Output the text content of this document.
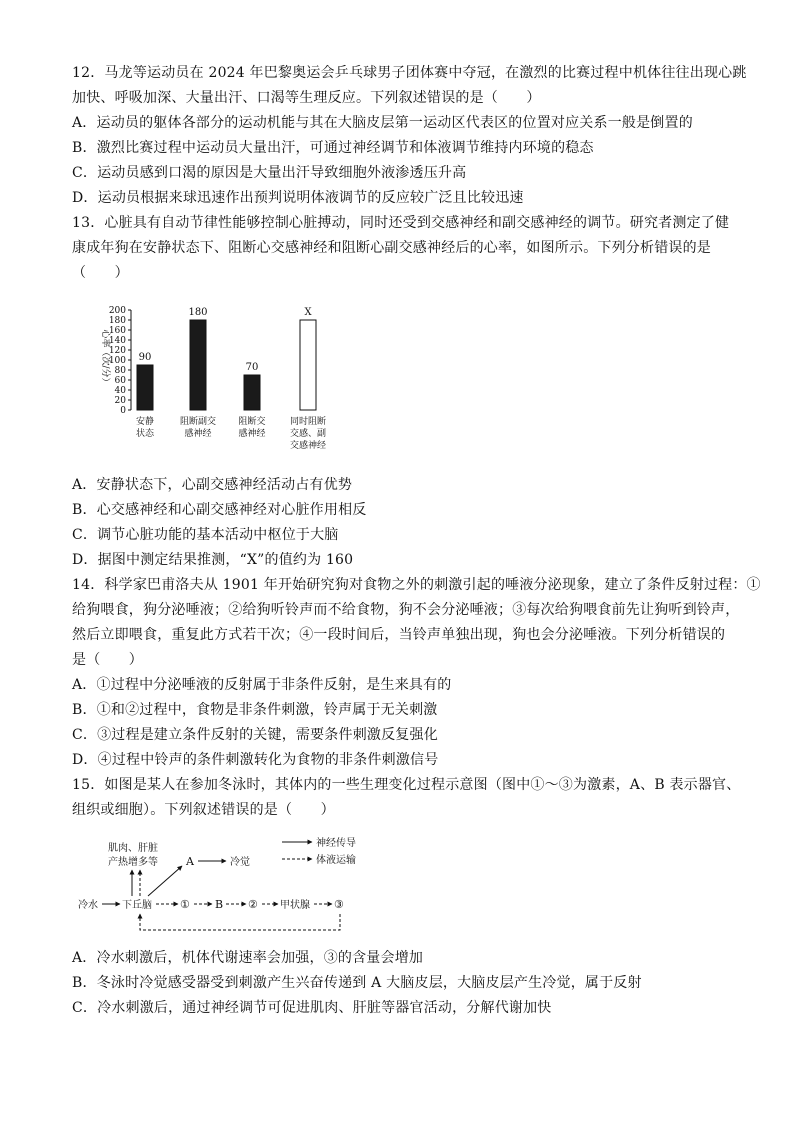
12．马龙等运动员在 2024 年巴黎奥运会乒乓球男子团体赛中夺冠，在激烈的比赛过程中机体往往出现心跳
加快、呼吸加深、大量出汗、口渴等生理反应。下列叙述错误的是（　　）
A．运动员的躯体各部分的运动机能与其在大脑皮层第一运动区代表区的位置对应关系一般是倒置的
B．激烈比赛过程中运动员大量出汗，可通过神经调节和体液调节维持内环境的稳态
C．运动员感到口渴的原因是大量出汗导致细胞外液渗透压升高
D．运动员根据来球迅速作出预判说明体液调节的反应较广泛且比较迅速
13．心脏具有自动节律性能够控制心脏搏动，同时还受到交感神经和副交感神经的调节。研究者测定了健
康成年狗在安静状态下、阻断心交感神经和阻断心副交感神经后的心率，如图所示。下列分析错误的是
（　　）
心率（次/分）
0
20
40
60
80
100
120
140
160
180
200
90
180
70
X
安静
状态
阻断副交
感神经
阻断交
感神经
同时阻断
交感、副
交感神经
A．安静状态下，心副交感神经活动占有优势
B．心交感神经和心副交感神经对心脏作用相反
C．调节心脏功能的基本活动中枢位于大脑
D．据图中测定结果推测，“X”的值约为 160
14．科学家巴甫洛夫从 1901 年开始研究狗对食物之外的刺激引起的唾液分泌现象，建立了条件反射过程：①
给狗喂食，狗分泌唾液；②给狗听铃声而不给食物，狗不会分泌唾液；③每次给狗喂食前先让狗听到铃声，
然后立即喂食，重复此方式若干次；④一段时间后，当铃声单独出现，狗也会分泌唾液。下列分析错误的
是（　　）
A．①过程中分泌唾液的反射属于非条件反射，是生来具有的
B．①和②过程中，食物是非条件刺激，铃声属于无关刺激
C．③过程是建立条件反射的关键，需要条件刺激反复强化
D．④过程中铃声的条件刺激转化为食物的非条件刺激信号
15．如图是某人在参加冬泳时，其体内的一些生理变化过程示意图（图中①～③为激素，A、B 表示器官、
组织或细胞）。下列叙述错误的是（　　）
神经传导
体液运输
肌肉、肝脏
产热增多等	A	冷觉
冷水 下丘脑	① B ② 甲状腺 ③
A．冷水刺激后，机体代谢速率会加强，③的含量会增加
B．冬泳时冷觉感受器受到刺激产生兴奋传递到 A 大脑皮层，大脑皮层产生冷觉，属于反射
C．冷水刺激后，通过神经调节可促进肌肉、肝脏等器官活动，分解代谢加快
